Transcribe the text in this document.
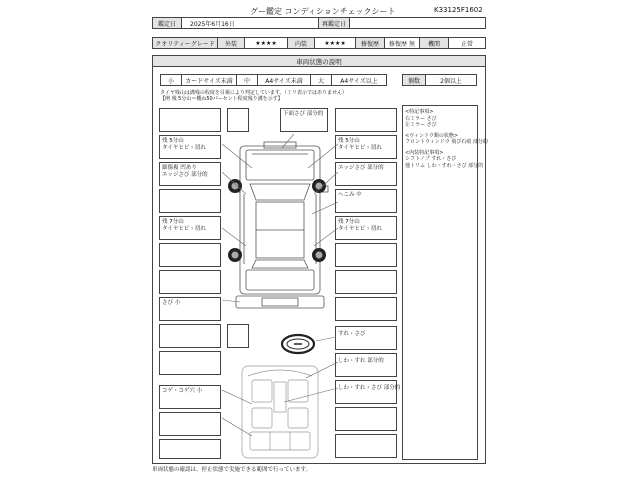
グー鑑定 コンディションチェックシート	K33125F1602
鑑定日	2025年6月16日	再鑑定日
クオリティーグレード	外装	★★★★	内装	★★★★	修復歴	修復歴 無	機関	正常
車両状態の説明
小	カードサイズ未満	中	A4サイズ未満	大	A4サイズ以上	個数	2個以上
タイヤ残山は溝残の程度を目視により判定しています。（ミリ表示ではありません）
【例 残 5分山＝概ね50パーセント程度残り溝を示す】
<特記事項>
右ミラー さび
左ミラー さび
<ウィンドウ類の状態>
フロントウィンドウ 飛び石痕 部分的
<内装特記事項>
シフトノブ すれ・さび
他トリム しわ・すれ・さび 部分的
残 5分山
タイヤヒビ・切れ
細傷複 凹あり
エッジさび 部分的
残 7分山
タイヤヒビ・切れ
さび 小
コゲ・コゲ穴 小
下面さび 部分的
残 5分山
タイヤヒビ・切れ
エッジさび 部分的
へこみ 中
残 7分山
タイヤヒビ・切れ
すれ・さび
しわ・すれ 部分的
しわ・すれ・さび 部分的
車両状態の確認は、停止状態で実施できる範囲で行っています。
